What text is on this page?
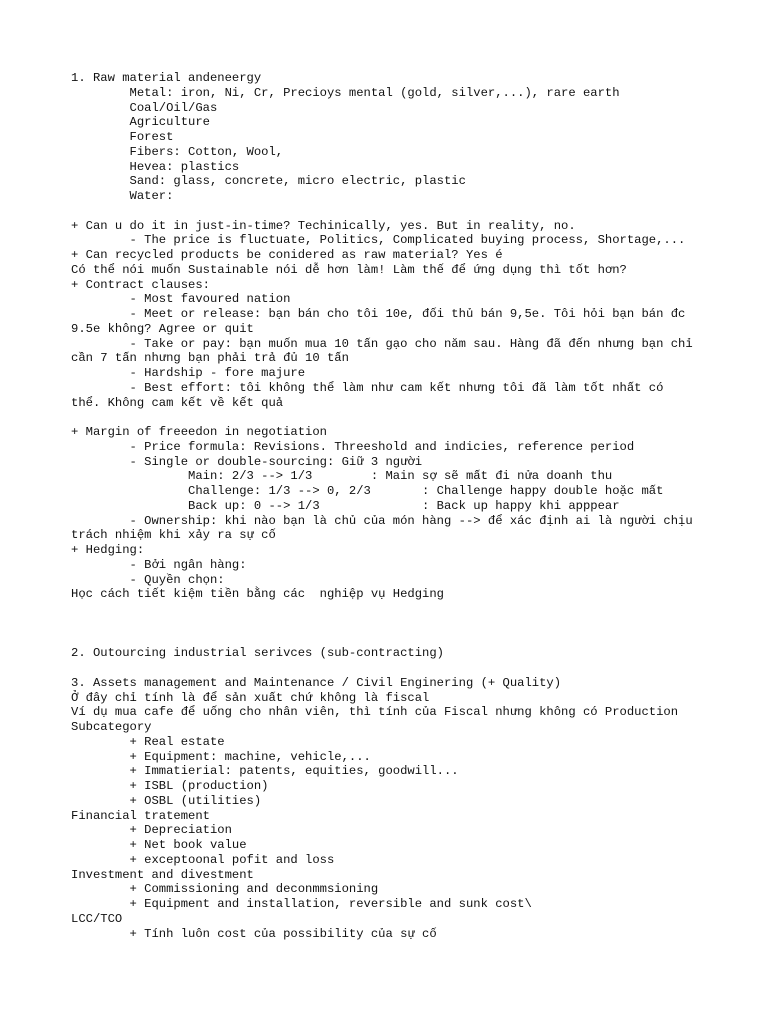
1. Raw material andeneergy
Metal: iron, Ni, Cr, Precioys mental (gold, silver,...), rare earth
Coal/Oil/Gas
Agriculture
Forest
Fibers: Cotton, Wool,
Hevea: plastics
Sand: glass, concrete, micro electric, plastic
Water:
+ Can u do it in just-in-time? Techinically, yes. But in reality, no.
- The price is fluctuate, Politics, Complicated buying process, Shortage,...
+ Can recycled products be conidered as raw material? Yes é
Có thể nói muốn Sustainable nói dễ hơn làm! Làm thế để ứng dụng thì tốt hơn?
+ Contract clauses:
- Most favoured nation
- Meet or release: bạn bán cho tôi 10e, đối thủ bán 9,5e. Tôi hỏi bạn bán đc
9.5e không? Agree or quit
- Take or pay: bạn muốn mua 10 tấn gạo cho năm sau. Hàng đã đến nhưng bạn chỉ
cần 7 tấn nhưng bạn phải trả đủ 10 tấn
- Hardship - fore majure
- Best effort: tôi không thể làm như cam kết nhưng tôi đã làm tốt nhất có
thể. Không cam kết về kết quả
+ Margin of freeedon in negotiation
- Price formula: Revisions. Threeshold and indicies, reference period
- Single or double-sourcing: Giữ 3 người
Main: 2/3 --> 1/3        : Main sợ sẽ mất đi nửa doanh thu
Challenge: 1/3 --> 0, 2/3       : Challenge happy double hoặc mất
Back up: 0 --> 1/3              : Back up happy khi apppear
- Ownership: khi nào bạn là chủ của món hàng --> để xác định ai là người chịu
trách nhiệm khi xảy ra sự cố
+ Hedging:
- Bởi ngân hàng:
- Quyền chọn:
Học cách tiết kiệm tiền bằng các  nghiệp vụ Hedging
2. Outourcing industrial serivces (sub-contracting)
3. Assets management and Maintenance / Civil Enginering (+ Quality)
Ở đây chỉ tính là để sản xuất chứ không là fiscal
Ví dụ mua cafe để uống cho nhân viên, thì tính của Fiscal nhưng không có Production
Subcategory
+ Real estate
+ Equipment: machine, vehicle,...
+ Immatierial: patents, equities, goodwill...
+ ISBL (production)
+ OSBL (utilities)
Financial tratement
+ Depreciation
+ Net book value
+ exceptoonal pofit and loss
Investment and divestment
+ Commissioning and deconmmsioning
+ Equipment and installation, reversible and sunk cost\
LCC/TCO
+ Tính luôn cost của possibility của sự cố
